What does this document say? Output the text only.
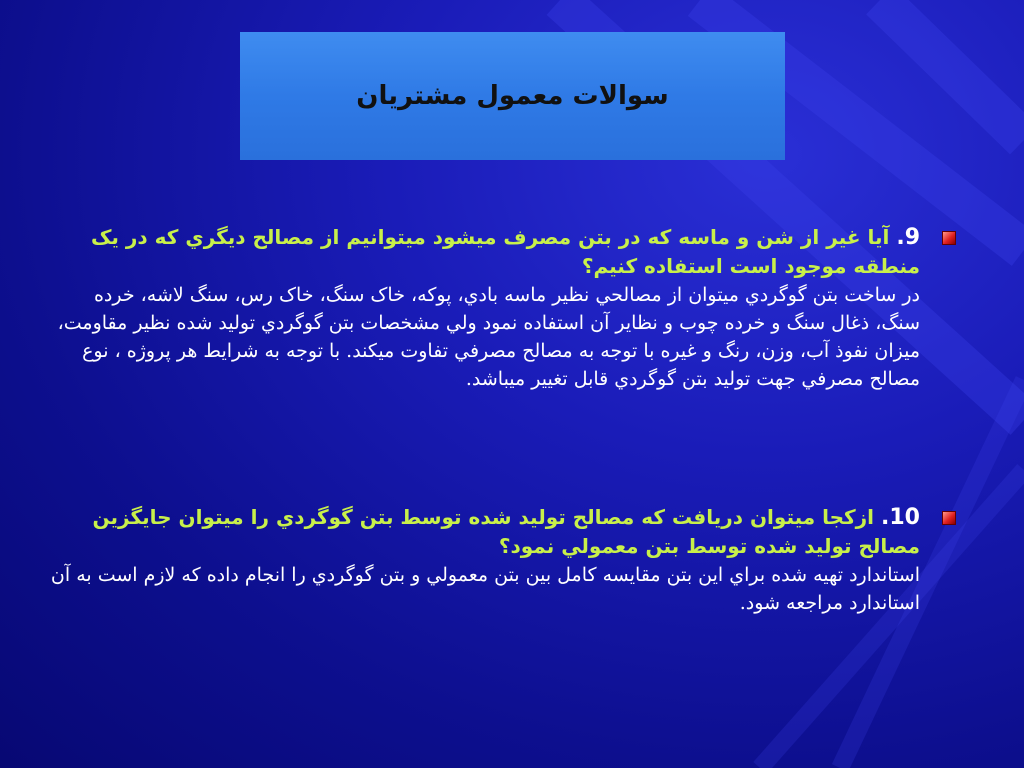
سوالات معمول مشتريان
9. آيا غير از شن و ماسه که در بتن مصرف ميشود ميتوانيم از مصالح ديگري که در يک منطقه موجود است استفاده کنيم؟
در ساخت بتن گوگردي ميتوان از مصالحي نظير ماسه بادي، پوکه، خاک سنگ، خاک رس، سنگ لاشه، خرده سنگ، ذغال سنگ و خرده چوب و نظاير آن استفاده نمود ولي مشخصات بتن گوگردي توليد شده نظير مقاومت، ميزان نفوذ آب، وزن، رنگ و غيره با توجه به مصالح مصرفي تفاوت ميکند. با توجه به شرايط هر پروژه ، نوع مصالح مصرفي جهت توليد بتن گوگردي قابل تغيير ميباشد.
10. ازکجا ميتوان دريافت که مصالح توليد شده توسط بتن گوگردي را ميتوان جايگزين مصالح توليد شده توسط بتن معمولي نمود؟
استاندارد تهيه شده براي اين بتن مقايسه کامل بين بتن معمولي و بتن گوگردي را انجام داده که لازم است به آن استاندارد مراجعه شود.
